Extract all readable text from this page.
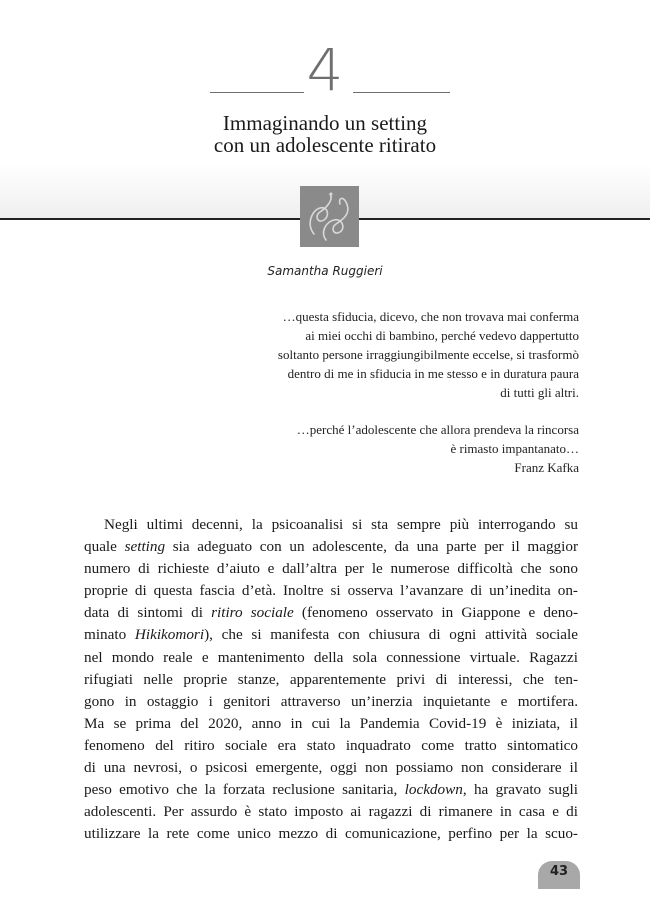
4
Immaginando un setting
con un adolescente ritirato
Samantha Ruggieri
…questa sfiducia, dicevo, che non trovava mai conferma
ai miei occhi di bambino, perché vedevo dappertutto
soltanto persone irraggiungibilmente eccelse, si trasformò
dentro di me in sfiducia in me stesso e in duratura paura
di tutti gli altri.
…perché l’adolescente che allora prendeva la rincorsa
è rimasto impantanato…
Franz Kafka
Negli ultimi decenni, la psicoanalisi si sta sempre più interrogando su
quale setting sia adeguato con un adolescente, da una parte per il maggior
numero di richieste d’aiuto e dall’altra per le numerose difficoltà che sono
proprie di questa fascia d’età. Inoltre si osserva l’avanzare di un’inedita on-
data di sintomi di ritiro sociale (fenomeno osservato in Giappone e deno-
minato Hikikomori), che si manifesta con chiusura di ogni attività sociale
nel mondo reale e mantenimento della sola connessione virtuale. Ragazzi
rifugiati nelle proprie stanze, apparentemente privi di interessi, che ten-
gono in ostaggio i genitori attraverso un’inerzia inquietante e mortifera.
Ma se prima del 2020, anno in cui la Pandemia Covid-19 è iniziata, il
fenomeno del ritiro sociale era stato inquadrato come tratto sintomatico
di una nevrosi, o psicosi emergente, oggi non possiamo non considerare il
peso emotivo che la forzata reclusione sanitaria, lockdown, ha gravato sugli
adolescenti. Per assurdo è stato imposto ai ragazzi di rimanere in casa e di
utilizzare la rete come unico mezzo di comunicazione, perfino per la scuo-
43
